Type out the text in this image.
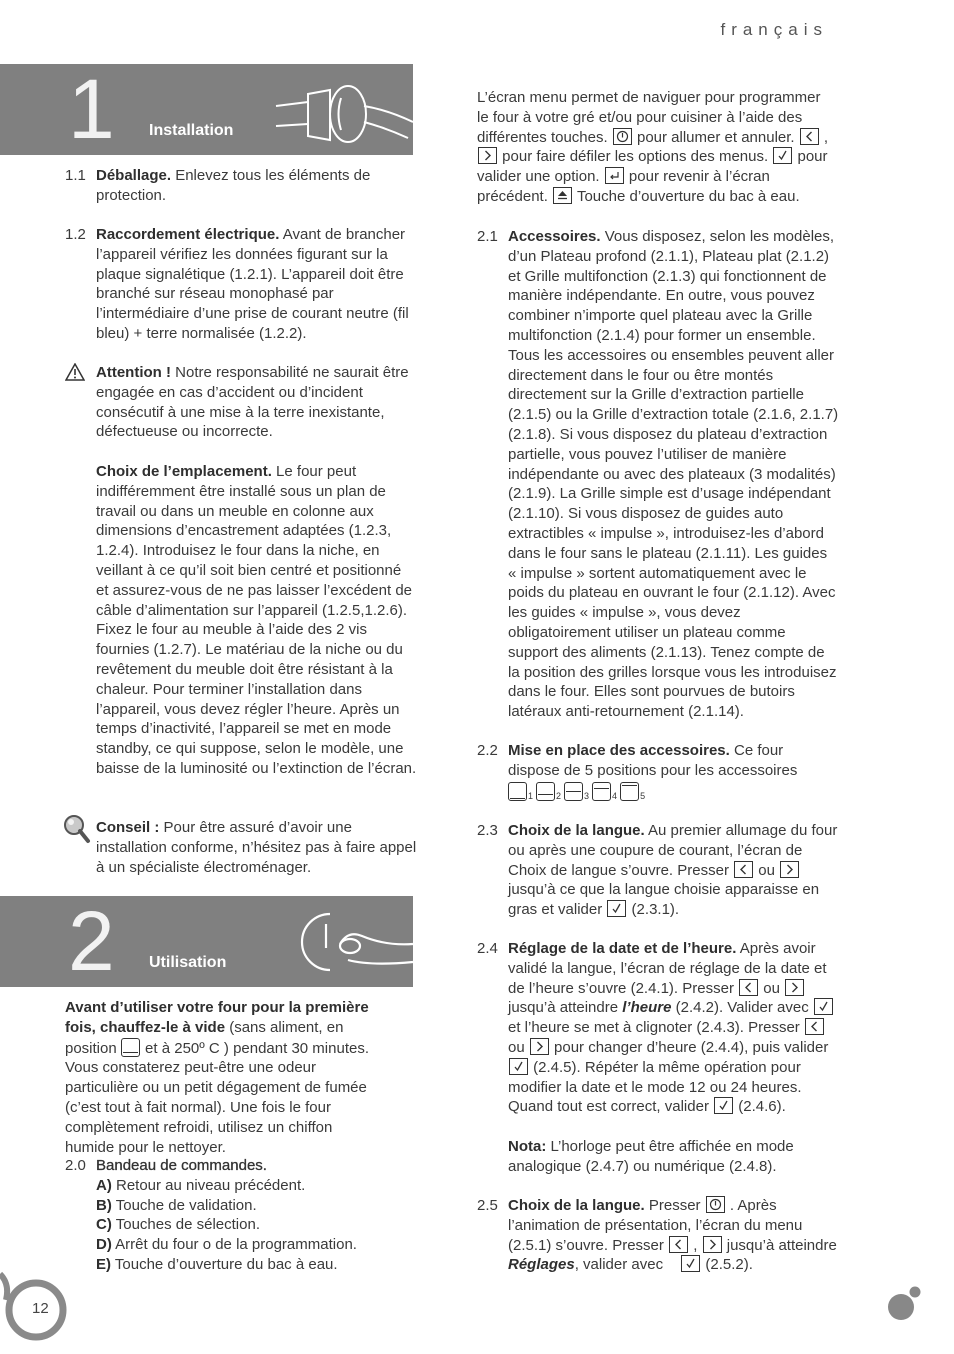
français
1 Installation
1.1 Déballage. Enlevez tous les éléments de protection.
1.2 Raccordement électrique. Avant de brancher l’appareil vérifiez les données figurant sur la plaque signalétique (1.2.1). L’appareil doit être branché sur réseau monophasé par l’intermédiaire d’une prise de courant neutre (fil bleu) + terre normalisée (1.2.2).
Attention ! Notre responsabilité ne saurait être engagée en cas d’accident ou d’incident consécutif à une mise à la terre inexistante, défectueuse ou incorrecte.
Choix de l’emplacement. Le four peut indifféremment être installé sous un plan de travail ou dans un meuble en colonne aux dimensions d’encastrement adaptées (1.2.3, 1.2.4). Introduisez le four dans la niche, en veillant à ce qu’il soit bien centré et positionné et assurez-vous de ne pas laisser l’excédent de câble d’alimentation sur l’appareil (1.2.5,1.2.6). Fixez le four au meuble à l’aide des 2 vis fournies (1.2.7). Le matériau de la niche ou du revêtement du meuble doit être résistant à la chaleur. Pour terminer l’installation dans l’appareil, vous devez régler l’heure. Après un temps d’inactivité, l’appareil se met en mode standby, ce qui suppose, selon le modèle, une baisse de la luminosité ou l’extinction de l’écran.
Conseil : Pour être assuré d’avoir une installation conforme, n’hésitez pas à faire appel à un spécialiste électroménager.
2 Utilisation
Avant d’utiliser votre four pour la première fois, chauffez-le à vide (sans aliment, en position
et à 250º C ) pendant 30 minutes. Vous constaterez peut-être une odeur particulière ou un petit dégagement de fumée (c’est tout à fait normal). Une fois le four complètement refroidi, utilisez un chiffon humide pour le nettoyer.
2.0 Bandeau de commandes.
A) Retour au niveau précédent.
B) Touche de validation.
C) Touches de sélection.
D) Arrêt du four o de la programmation.
E) Touche d’ouverture du bac à eau.
L’écran menu permet de naviguer pour programmer le four à votre gré et/ou pour cuisiner à l’aide des différentes touches.
pour allumer et annuler.
,
pour faire défiler les options des menus.
pour valider une option.
pour revenir à l’écran précédent.
Touche d’ouverture du bac à eau.
2.1 Accessoires. Vous disposez, selon les modèles, d’un Plateau profond (2.1.1), Plateau plat (2.1.2) et Grille multifonction (2.1.3) qui fonctionnent de manière indépendante. En outre, vous pouvez combiner n’importe quel plateau avec la Grille multifonction (2.1.4) pour former un ensemble. Tous les accessoires ou ensembles peuvent aller directement dans le four ou être montés directement sur la Grille d’extraction partielle (2.1.5) ou la Grille d’extraction totale (2.1.6, 2.1.7) (2.1.8). Si vous disposez du plateau d’extraction partielle, vous pouvez l’utiliser de manière indépendante ou avec des plateaux (3 modalités) (2.1.9). La Grille simple est d’usage indépendant (2.1.10). Si vous disposez de guides auto extractibles « impulse », introduisez-les d’abord dans le four sans le plateau (2.1.11). Les guides « impulse » sortent automatiquement avec le poids du plateau en ouvrant le four (2.1.12). Avec les guides « impulse », vous devez obligatoirement utiliser un plateau comme support des aliments (2.1.13). Tenez compte de la position des grilles lorsque vous les introduisez dans le four. Elles sont pourvues de butoirs latéraux anti-retournement (2.1.14).
2.2 Mise en place des accessoires. Ce four dispose de 5 positions pour les accessoires
1	2	3	4	5
2.3 Choix de la langue. Au premier allumage du four ou après une coupure de courant, l’écran de Choix de langue s’ouvre. Presser
ou
jusqu’à ce que la langue choisie apparaisse en gras et valider
(2.3.1).
2.4 Réglage de la date et de l’heure. Après avoir validé la langue, l’écran de réglage de la date et de l’heure s’ouvre (2.4.1). Presser
ou
jusqu’à atteindre l’heure (2.4.2). Valider avec
et l’heure se met à clignoter (2.4.3). Presser
ou
pour changer d’heure (2.4.4), puis valider
(2.4.5). Répéter la même opération pour modifier la date et le mode 12 ou 24 heures. Quand tout est correct, valider
(2.4.6).
Nota: L’horloge peut être affichée en mode analogique (2.4.7) ou numérique (2.4.8).
2.5 Choix de la langue. Presser
. Après l’animation de présentation, l’écran du menu (2.5.1) s’ouvre. Presser
,
jusqu’à atteindre Réglages, valider avec
(2.5.2).
12
